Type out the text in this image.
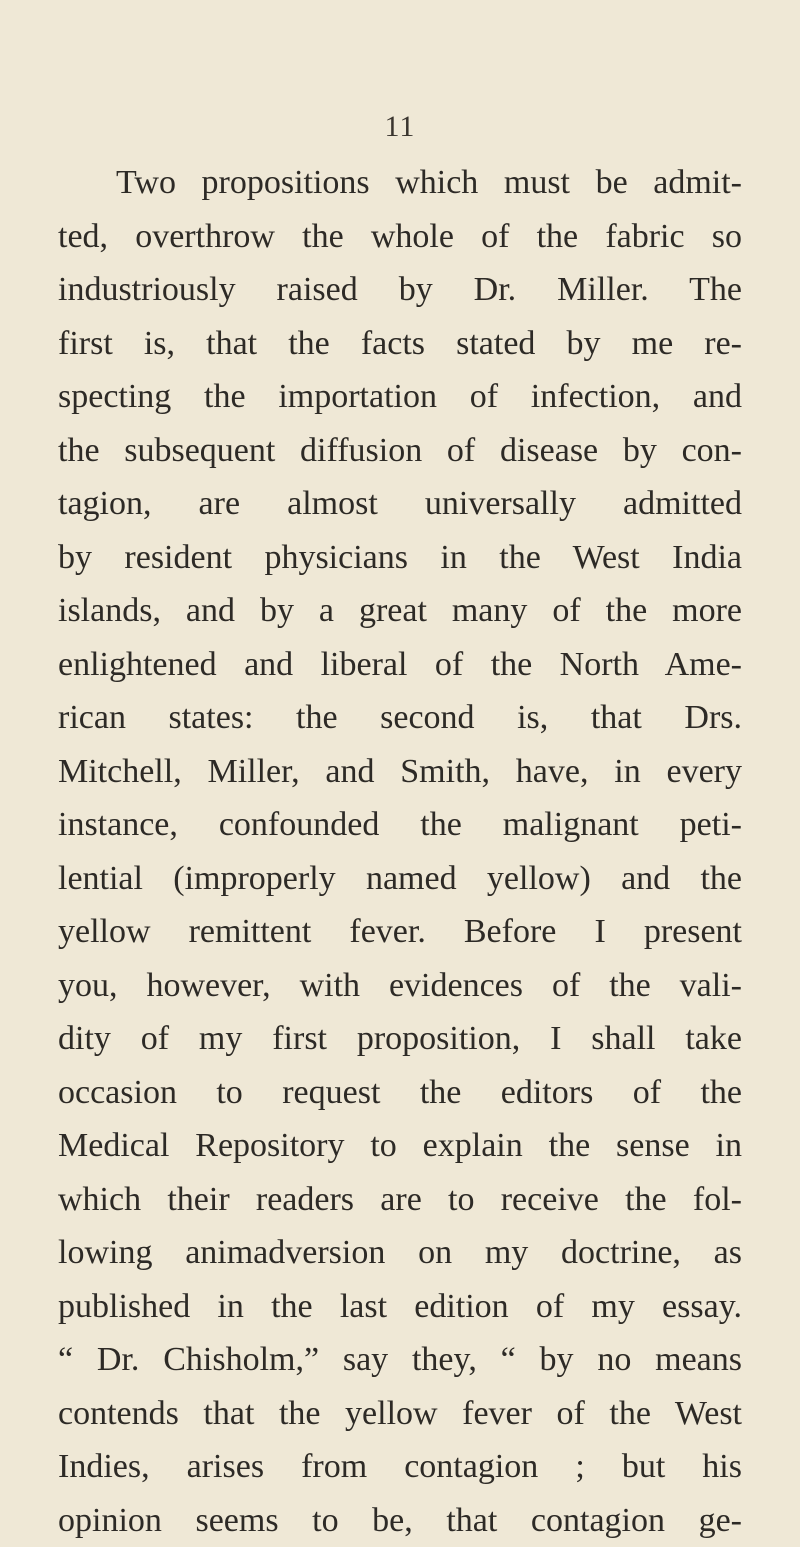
11
Two propositions which must be admit-
ted, overthrow the whole of the fabric so
industriously raised by Dr. Miller. The
first is, that the facts stated by me re-
specting the importation of infection, and
the subsequent diffusion of disease by con-
tagion, are almost universally admitted
by resident physicians in the West India
islands, and by a great many of the more
enlightened and liberal of the North Ame-
rican states: the second is, that Drs.
Mitchell, Miller, and Smith, have, in every
instance, confounded the malignant peti-
lential (improperly named yellow) and the
yellow remittent fever. Before I present
you, however, with evidences of the vali-
dity of my first proposition, I shall take
occasion to request the editors of the
Medical Repository to explain the sense in
which their readers are to receive the fol-
lowing animadversion on my doctrine, as
published in the last edition of my essay.
“ Dr. Chisholm,” say they, “ by no means
contends that the yellow fever of the West
Indies, arises from contagion ; but his
opinion seems to be, that contagion ge-
